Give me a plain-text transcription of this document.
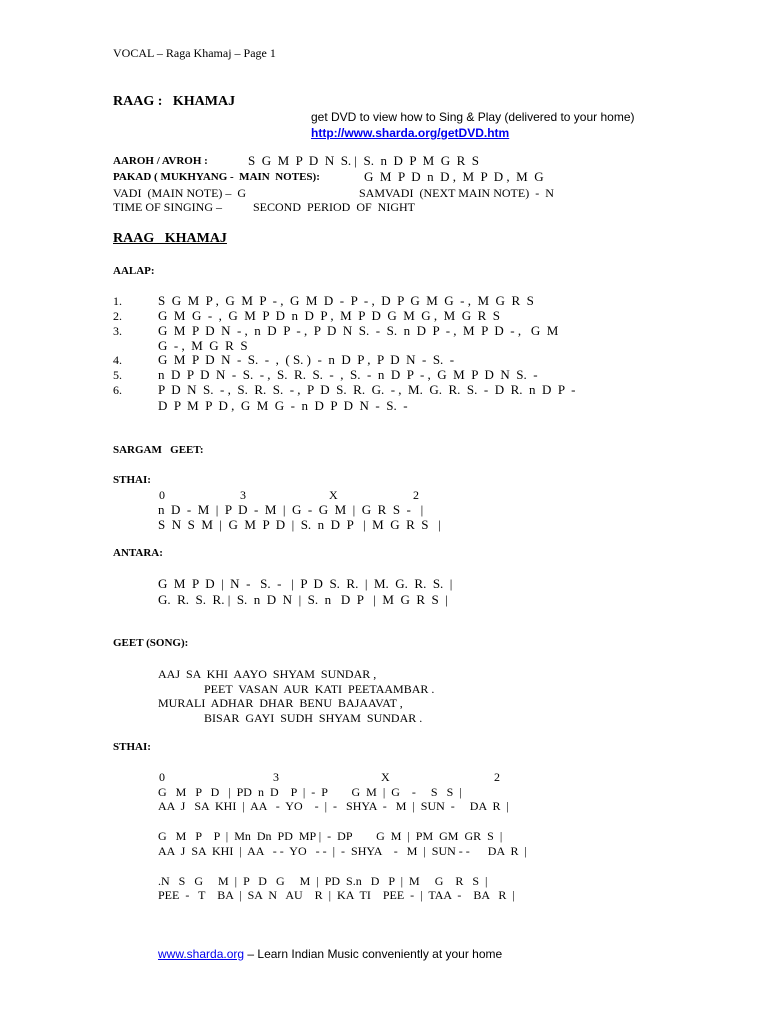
VOCAL – Raga Khamaj – Page 1
RAAG :   KHAMAJ
get DVD to view how to Sing & Play (delivered to your home)
http://www.sharda.org/getDVD.htm
AAROH / AVROH :	S  G  M  P  D  N  S. |  S.  n  D  P  M  G  R  S
PAKAD ( MUKHYANG -  MAIN  NOTES):	G  M  P  D  n  D ,  M  P  D ,  M  G
VADI  (MAIN NOTE) –  G	SAMVADI  (NEXT MAIN NOTE)  -  N
TIME OF SINGING –	SECOND  PERIOD  OF  NIGHT
RAAG   KHAMAJ
AALAP:
1.	S  G  M  P ,  G  M  P  - ,  G  M  D  -  P  - ,  D  P  G  M  G  - ,  M  G  R  S
2.	G  M  G  -  ,  G  M  P  D  n  D  P ,  M  P  D  G  M  G ,  M  G  R  S
3.	G  M  P  D  N  - ,  n  D  P  - ,  P  D  N  S.  -  S.  n  D  P  - ,  M  P  D  - ,   G  M
G  - ,  M  G  R  S
4.	G  M  P  D  N  -  S.  -  ,  ( S. )  -  n  D  P ,  P  D  N  -  S.  -
5.	n  D  P  D  N  -  S.  - ,  S.  R.  S.  -  ,  S.  -  n  D  P  - ,  G  M  P  D  N  S.  -
6.	P  D  N  S.  - ,  S.  R.  S.  - ,  P  D  S.  R.  G.  - ,  M.  G.  R.  S.  -  D  R.  n  D  P  -
D  P  M  P  D ,  G  M  G  -  n  D  P  D  N  -  S.  -
SARGAM   GEET:
STHAI:
0	3	X	2
n  D  -  M  |  P  D  -  M  |  G  -  G  M  |  G  R  S  -   |
S  N  S  M  |  G  M  P  D  |  S.  n  D  P   |  M  G  R  S   |
ANTARA:
G  M  P  D  |  N  -   S.  -   |  P  D  S.  R.  |  M.  G.  R.  S.  |
G.  R.  S.  R. |  S.  n  D  N  |  S.  n   D  P   |  M  G  R  S  |
GEET (SONG):
AAJ  SA  KHI  AAYO  SHYAM  SUNDAR ,
PEET  VASAN  AUR  KATI  PEETAAMBAR .
MURALI  ADHAR  DHAR  BENU  BAJAAVAT ,
BISAR  GAYI  SUDH  SHYAM  SUNDAR .
STHAI:
0	3	X	2
G   M   P   D   |  PD  n  D    P  |  -  P        G  M  |  G    -     S   S  |
AA  J   SA  KHI  |  AA   -  YO    -  |  -   SHYA  -   M  |  SUN  -     DA  R  |
G   M   P    P  |  Mn  Dn  PD  MP |  -  DP        G  M  |  PM  GM  GR  S  |
AA  J  SA  KHI  |  AA   - -  YO   - -  |  -  SHYA    -   M  |  SUN - -      DA  R  |
.N   S   G     M  |  P   D   G     M  |  PD  S.n   D   P  |  M     G    R   S  |
PEE  -   T    BA  |  SA  N   AU    R  |  KA  TI    PEE  -  |  TAA  -    BA   R  |
www.sharda.org – Learn Indian Music conveniently at your home
